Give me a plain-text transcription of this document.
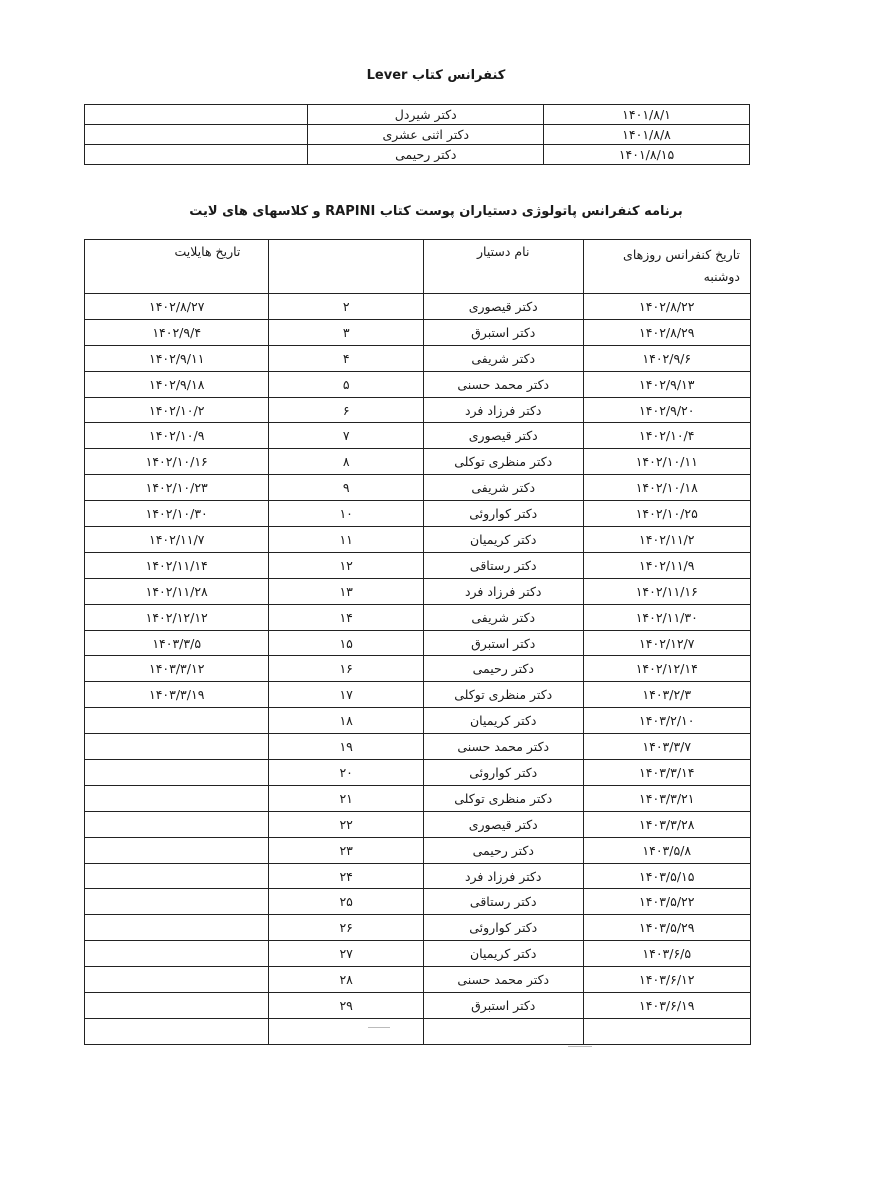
کنفرانس کتاب Lever
۱۴۰۱/۸/۱	دکتر شیردل	
۱۴۰۱/۸/۸	دکتر اثنی عشری	
۱۴۰۱/۸/۱۵	دکتر رحیمی	
برنامه کنفرانس پاتولوژی دستیاران پوست کتاب RAPINI و کلاسهای های لایت
تاریخ کنفرانس روزهای دوشنبه	نام دستیار		تاریخ هایلایت
۱۴۰۲/۸/۲۲	دکتر قیصوری	۲	۱۴۰۲/۸/۲۷
۱۴۰۲/۸/۲۹	دکتر استبرق	۳	۱۴۰۲/۹/۴
۱۴۰۲/۹/۶	دکتر شریفی	۴	۱۴۰۲/۹/۱۱
۱۴۰۲/۹/۱۳	دکتر محمد حسنی	۵	۱۴۰۲/۹/۱۸
۱۴۰۲/۹/۲۰	دکتر فرزاد فرد	۶	۱۴۰۲/۱۰/۲
۱۴۰۲/۱۰/۴	دکتر قیصوری	۷	۱۴۰۲/۱۰/۹
۱۴۰۲/۱۰/۱۱	دکتر منظری توکلی	۸	۱۴۰۲/۱۰/۱۶
۱۴۰۲/۱۰/۱۸	دکتر شریفی	۹	۱۴۰۲/۱۰/۲۳
۱۴۰۲/۱۰/۲۵	دکتر کواروئی	۱۰	۱۴۰۲/۱۰/۳۰
۱۴۰۲/۱۱/۲	دکتر کریمیان	۱۱	۱۴۰۲/۱۱/۷
۱۴۰۲/۱۱/۹	دکتر رستاقی	۱۲	۱۴۰۲/۱۱/۱۴
۱۴۰۲/۱۱/۱۶	دکتر فرزاد فرد	۱۳	۱۴۰۲/۱۱/۲۸
۱۴۰۲/۱۱/۳۰	دکتر شریفی	۱۴	۱۴۰۲/۱۲/۱۲
۱۴۰۲/۱۲/۷	دکتر استبرق	۱۵	۱۴۰۳/۳/۵
۱۴۰۲/۱۲/۱۴	دکتر رحیمی	۱۶	۱۴۰۳/۳/۱۲
۱۴۰۳/۲/۳	دکتر منظری توکلی	۱۷	۱۴۰۳/۳/۱۹
۱۴۰۳/۲/۱۰	دکتر کریمیان	۱۸	
۱۴۰۳/۳/۷	دکتر محمد حسنی	۱۹	
۱۴۰۳/۳/۱۴	دکتر کواروئی	۲۰	
۱۴۰۳/۳/۲۱	دکتر منظری توکلی	۲۱	
۱۴۰۳/۳/۲۸	دکتر قیصوری	۲۲	
۱۴۰۳/۵/۸	دکتر رحیمی	۲۳	
۱۴۰۳/۵/۱۵	دکتر فرزاد فرد	۲۴	
۱۴۰۳/۵/۲۲	دکتر رستاقی	۲۵	
۱۴۰۳/۵/۲۹	دکتر کواروئی	۲۶	
۱۴۰۳/۶/۵	دکتر کریمیان	۲۷	
۱۴۰۳/۶/۱۲	دکتر محمد حسنی	۲۸	
۱۴۰۳/۶/۱۹	دکتر استبرق	۲۹	
